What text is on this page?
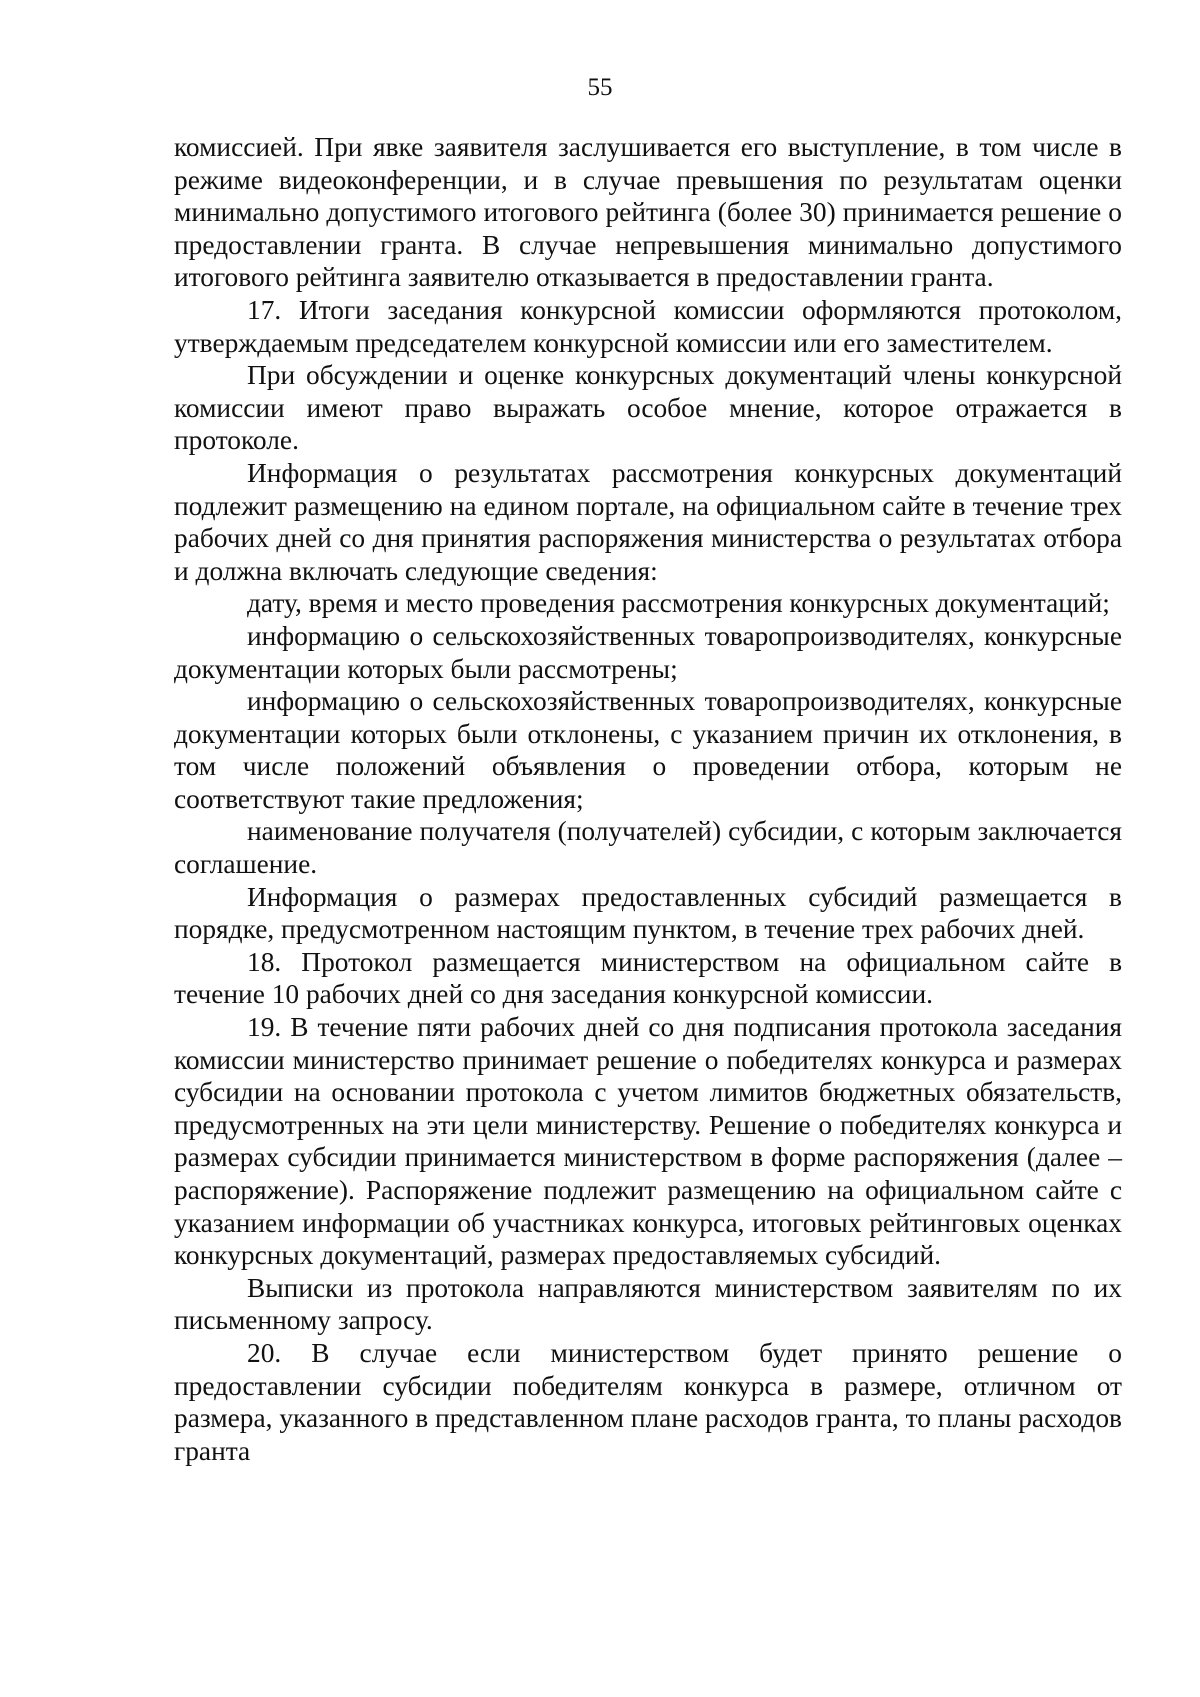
55

комиссией. При явке заявителя заслушивается его выступление, в том числе в режиме видеоконференции, и в случае превышения по результатам оценки минимально допустимого итогового рейтинга (более 30) принимается решение о предоставлении гранта. В случае непревышения минимально допустимого итогового рейтинга заявителю отказывается в предоставлении гранта.

17. Итоги заседания конкурсной комиссии оформляются протоколом, утверждаемым председателем конкурсной комиссии или его заместителем.

При обсуждении и оценке конкурсных документаций члены конкурсной комиссии имеют право выражать особое мнение, которое отражается в протоколе.

Информация о результатах рассмотрения конкурсных документаций подлежит размещению на едином портале, на официальном сайте в течение трех рабочих дней со дня принятия распоряжения министерства о результатах отбора и должна включать следующие сведения:

дату, время и место проведения рассмотрения конкурсных документаций;

информацию о сельскохозяйственных товаропроизводителях, конкурсные документации которых были рассмотрены;

информацию о сельскохозяйственных товаропроизводителях, конкурсные документации которых были отклонены, с указанием причин их отклонения, в том числе положений объявления о проведении отбора, которым не соответствуют такие предложения;

наименование получателя (получателей) субсидии, с которым заключается соглашение.

Информация о размерах предоставленных субсидий размещается в порядке, предусмотренном настоящим пунктом, в течение трех рабочих дней.

18. Протокол размещается министерством на официальном сайте в течение 10 рабочих дней со дня заседания конкурсной комиссии.

19. В течение пяти рабочих дней со дня подписания протокола заседания комиссии министерство принимает решение о победителях конкурса и размерах субсидии на основании протокола с учетом лимитов бюджетных обязательств, предусмотренных на эти цели министерству. Решение о победителях конкурса и размерах субсидии принимается министерством в форме распоряжения (далее – распоряжение). Распоряжение подлежит размещению на официальном сайте с указанием информации об участниках конкурса, итоговых рейтинговых оценках конкурсных документаций, размерах предоставляемых субсидий.

Выписки из протокола направляются министерством заявителям по их письменному запросу.

20. В случае если министерством будет принято решение о предоставлении субсидии победителям конкурса в размере, отличном от размера, указанного в представленном плане расходов гранта, то планы расходов гранта
